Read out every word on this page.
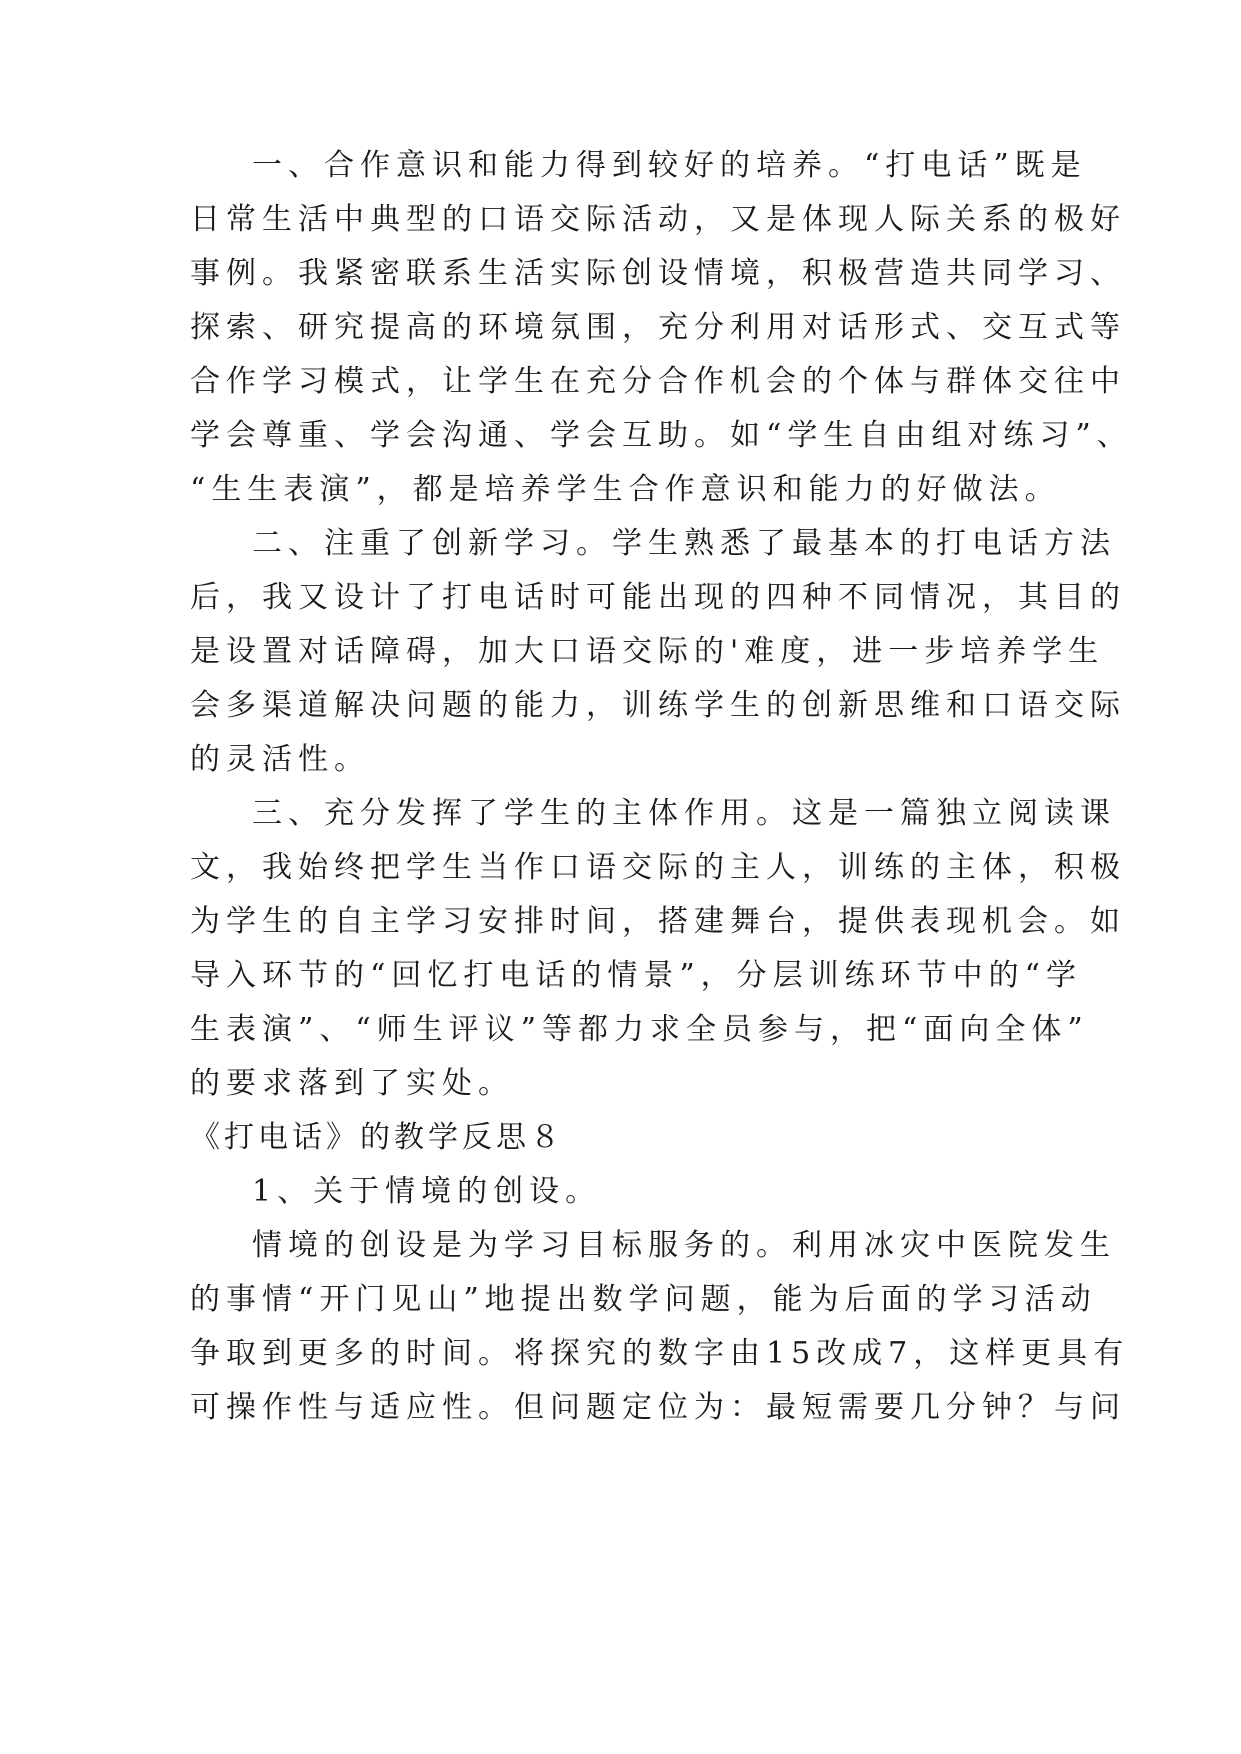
一、合作意识和能力得到较好的培养。“打电话”既是

日常生活中典型的口语交际活动，又是体现人际关系的极好

事例。我紧密联系生活实际创设情境，积极营造共同学习、

探索、研究提高的环境氛围，充分利用对话形式、交互式等

合作学习模式，让学生在充分合作机会的个体与群体交往中

学会尊重、学会沟通、学会互助。如“学生自由组对练习”、

“生生表演”，都是培养学生合作意识和能力的好做法。

二、注重了创新学习。学生熟悉了最基本的打电话方法

后，我又设计了打电话时可能出现的四种不同情况，其目的

是设置对话障碍，加大口语交际的'难度，进一步培养学生

会多渠道解决问题的能力，训练学生的创新思维和口语交际

的灵活性。

三、充分发挥了学生的主体作用。这是一篇独立阅读课

文，我始终把学生当作口语交际的主人，训练的主体，积极

为学生的自主学习安排时间，搭建舞台，提供表现机会。如

导入环节的“回忆打电话的情景”，分层训练环节中的“学

生表演”、“师生评议”等都力求全员参与，把“面向全体”

的要求落到了实处。

《打电话》的教学反思８

1、关于情境的创设。

情境的创设是为学习目标服务的。利用冰灾中医院发生

的事情“开门见山”地提出数学问题，能为后面的学习活动

争取到更多的时间。将探究的数字由15改成7，这样更具有

可操作性与适应性。但问题定位为：最短需要几分钟？与问
